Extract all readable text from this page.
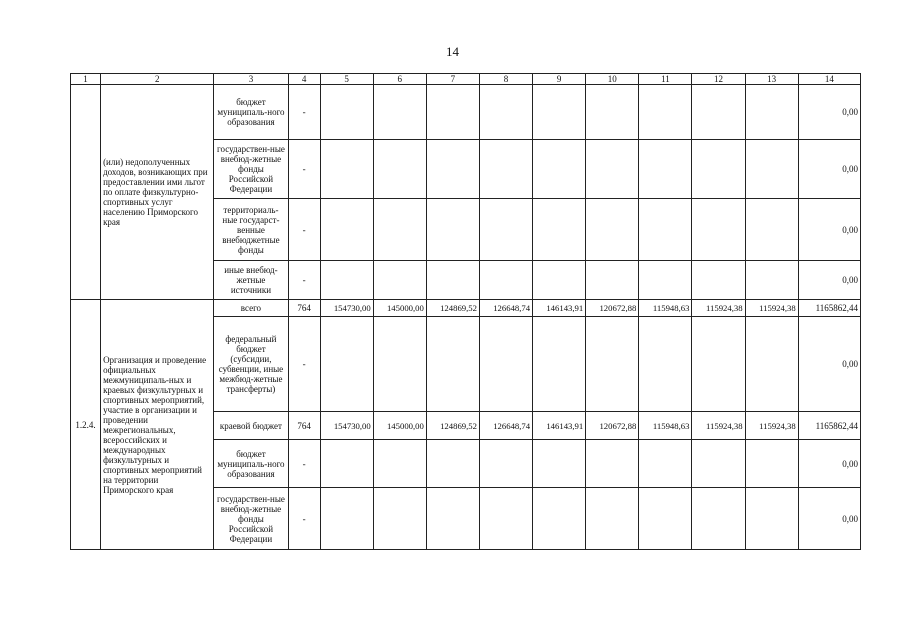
14
1	2	3	4	5	6	7	8	9	10	11	12	13	14
	(или) недополученных доходов, возникающих при предоставлении ими льгот по оплате физкультурно-спортивных услуг населению Приморского края	бюджет муниципаль-ного образования	-										0,00
		государствен-ные внебюд-жетные фонды Российской Федерации	-										0,00
		территориаль-ные государст-венные внебюджетные фонды	-										0,00
		иные внебюд-жетные источники	-										0,00
1.2.4.	Организация и проведение официальных межмуниципаль-ных и краевых физкультурных и спортивных мероприятий, участие в организации и проведении межрегиональных, всероссийских и международных физкультурных и спортивных мероприятий на территории Приморского края	всего	764	154730,00	145000,00	124869,52	126648,74	146143,91	120672,88	115948,63	115924,38	115924,38	1165862,44
		федеральный бюджет (субсидии, субвенции, иные межбюд-жетные трансферты)	-										0,00
		краевой бюджет	764	154730,00	145000,00	124869,52	126648,74	146143,91	120672,88	115948,63	115924,38	115924,38	1165862,44
		бюджет муниципаль-ного образования	-										0,00
		государствен-ные внебюд-жетные фонды Российской Федерации	-										0,00
